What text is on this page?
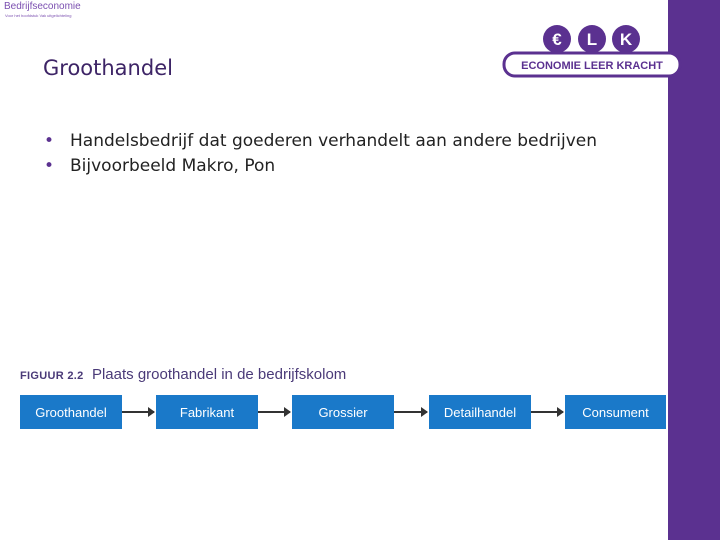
Bedrijfseconomie
Voor het hoofdstuk Vak uitgelichteling
€ L K
ECONOMIE LEER KRACHT
Groothandel
• Handelsbedrijf dat goederen verhandelt aan andere bedrijven
• Bijvoorbeeld Makro, Pon
FIGUUR 2.2 Plaats groothandel in de bedrijfskolom
Groothandel	Fabrikant	Grossier	Detailhandel	Consument
